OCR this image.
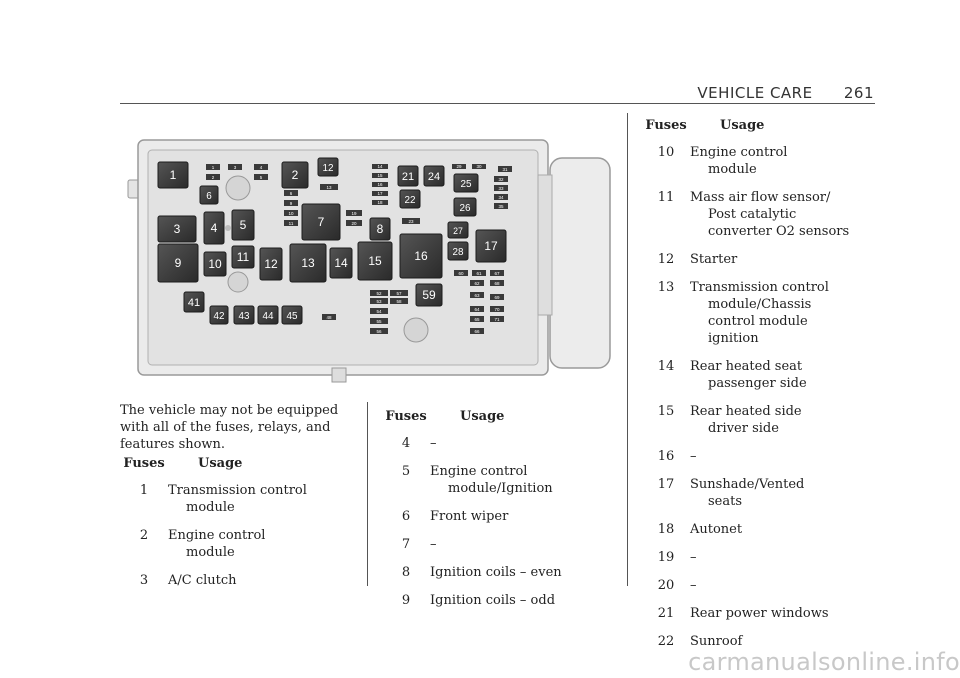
VEHICLE CARE 261
1	2 12
6
3	4 5	7	8
9 10 11 12 13 14 15	16
17
21 24
22
25
26
27
28
59
41
42 43 44 45
1
2
3	4
5
6
9
10
11
13
14
15
16
17
18
19
20	23
29	30
31
32
33
34
35
52	57
53	58
54
55
56
60	61	67
62	68
63	69
64	70
65	71
66
48
The vehicle may not be equipped with all of the fuses, relays, and features shown.
Fuses	Usage
1	Transmission control
module
2	Engine control
module
3	A/C clutch
Fuses	Usage
4	–
5	Engine control
module/Ignition
6	Front wiper
7	–
8	Ignition coils – even
9	Ignition coils – odd
Fuses	Usage
10	Engine control
module
11	Mass air flow sensor/
Post catalytic
converter O2 sensors
12	Starter
13	Transmission control
module/Chassis
control module
ignition
14	Rear heated seat
passenger side
15	Rear heated side
driver side
16	–
17	Sunshade/Vented
seats
18	Autonet
19	–
20	–
21	Rear power windows
22	Sunroof
carmanualsonline.info
